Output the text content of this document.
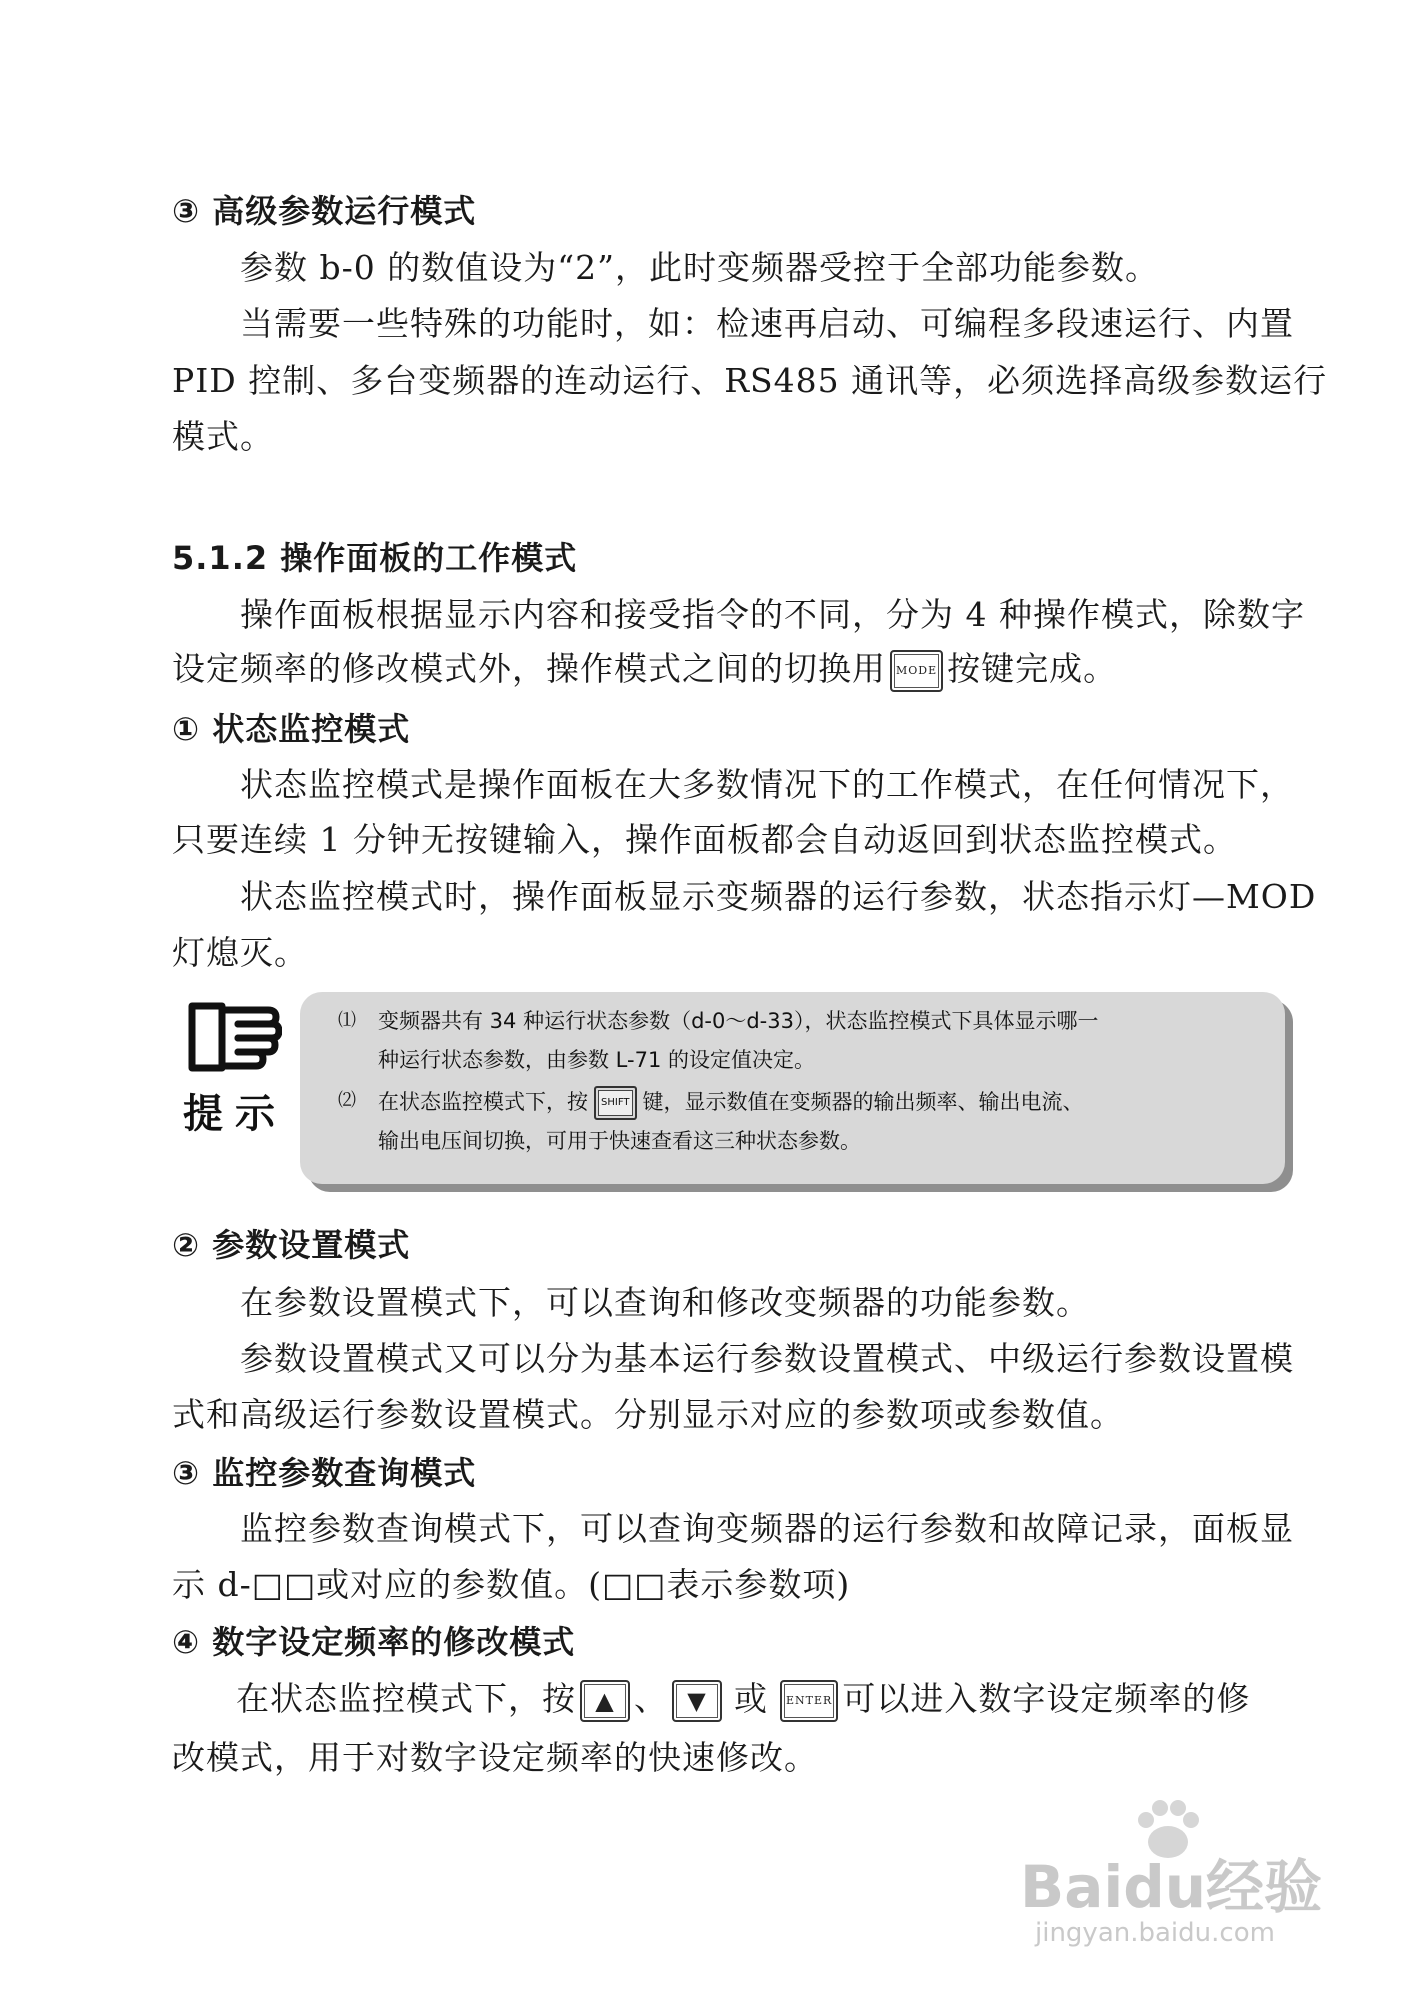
③ 高级参数运行模式
参数 b-0 的数值设为“2”，此时变频器受控于全部功能参数。
当需要一些特殊的功能时，如：检速再启动、可编程多段速运行、内置
PID 控制、多台变频器的连动运行、RS485 通讯等，必须选择高级参数运行
模式。
5.1.2 操作面板的工作模式
操作面板根据显示内容和接受指令的不同，分为 4 种操作模式，除数字
设定频率的修改模式外，操作模式之间的切换用 MODE 按键完成。
① 状态监控模式
状态监控模式是操作面板在大多数情况下的工作模式，在任何情况下，
只要连续 1 分钟无按键输入，操作面板都会自动返回到状态监控模式。
状态监控模式时，操作面板显示变频器的运行参数，状态指示灯—MOD
灯熄灭。
提示
⑴ 变频器共有 34 种运行状态参数（d-0～d-33），状态监控模式下具体显示哪一
种运行状态参数，由参数 L-71 的设定值决定。
⑵ 在状态监控模式下，按 SHIFT 键，显示数值在变频器的输出频率、输出电流、
输出电压间切换，可用于快速查看这三种状态参数。
② 参数设置模式
在参数设置模式下，可以查询和修改变频器的功能参数。
参数设置模式又可以分为基本运行参数设置模式、中级运行参数设置模
式和高级运行参数设置模式。分别显示对应的参数项或参数值。
③ 监控参数查询模式
监控参数查询模式下，可以查询变频器的运行参数和故障记录，面板显
示 d-□□或对应的参数值。(□□表示参数项)
④ 数字设定频率的修改模式
在状态监控模式下，按 ▲ 、 ▼ 或 ENTER 可以进入数字设定频率的修
改模式，用于对数字设定频率的快速修改。
Baidu经验
jingyan.baidu.com
